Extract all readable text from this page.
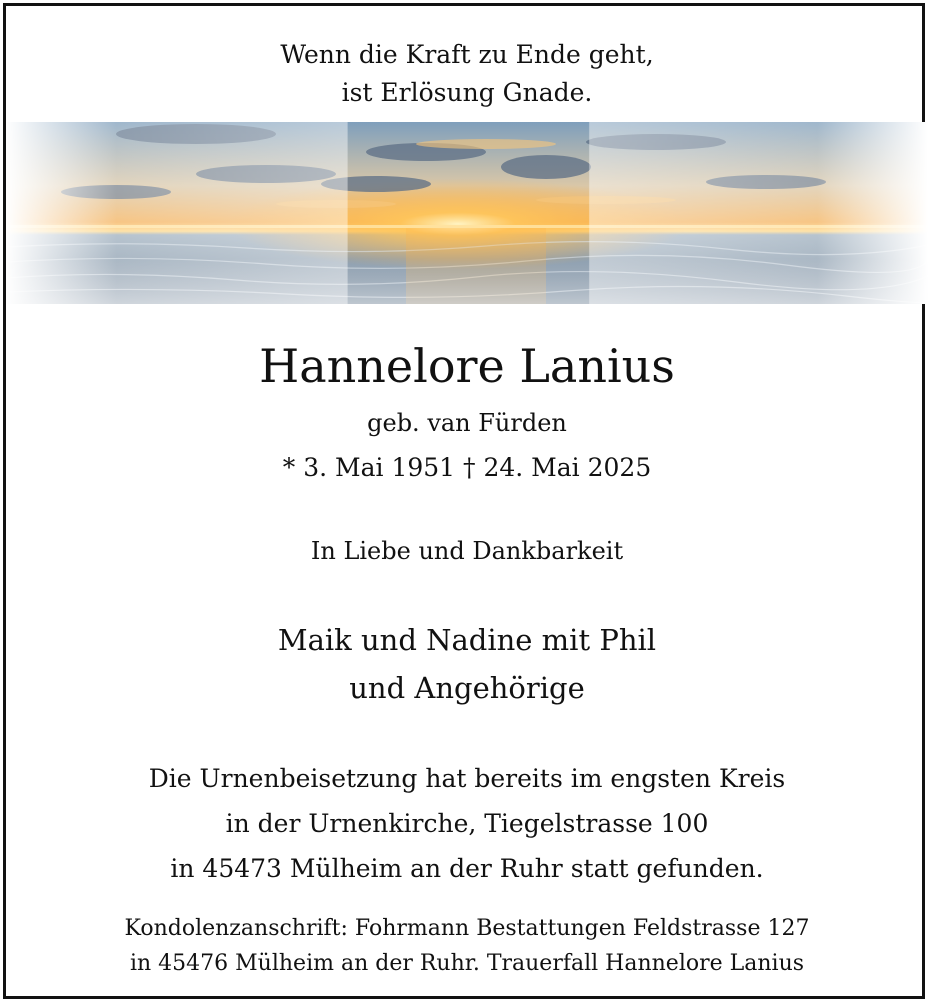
Wenn die Kraft zu Ende geht,
ist Erlösung Gnade.
Hannelore Lanius
geb. van Fürden
* 3. Mai 1951 † 24. Mai 2025
In Liebe und Dankbarkeit
Maik und Nadine mit Phil
und Angehörige
Die Urnenbeisetzung hat bereits im engsten Kreis
in der Urnenkirche, Tiegelstrasse 100
in 45473 Mülheim an der Ruhr statt gefunden.
Kondolenzanschrift: Fohrmann Bestattungen Feldstrasse 127
in 45476 Mülheim an der Ruhr. Trauerfall Hannelore Lanius
